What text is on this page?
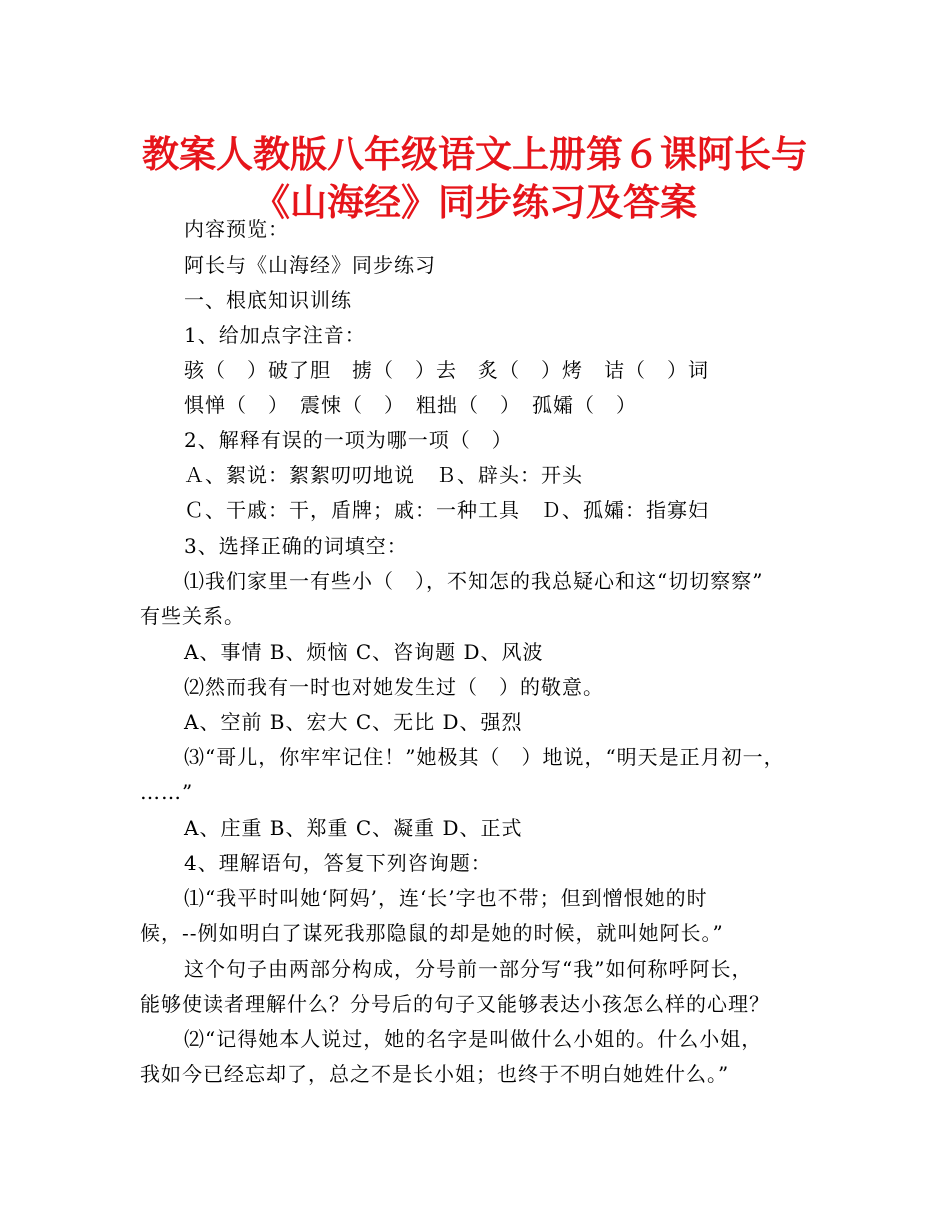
教案人教版八年级语文上册第６课阿长与
《山海经》同步练习及答案
内容预览：
阿长与《山海经》同步练习
一、根底知识训练
1、给加点字注音：
骇（　）破了胆　掳（　）去　炙（　）烤　诘（　）词
惧惮（　）　震悚（　）　粗拙（　）　孤孀（　）
2、解释有误的一项为哪一项（　）
Ａ、絮说：絮絮叨叨地说　Ｂ、辟头：开头
Ｃ、干戚：干，盾牌；戚：一种工具　Ｄ、孤孀：指寡妇
3、选择正确的词填空：
⑴我们家里一有些小（　），不知怎的我总疑心和这“切切察察”
有些关系。
A、事情 B、烦恼 C、咨询题 D、风波
⑵然而我有一时也对她发生过（　）的敬意。
A、空前 B、宏大 C、无比 D、强烈
⑶“哥儿，你牢牢记住！”她极其（　）地说，“明天是正月初一，
……”
A、庄重 B、郑重 C、凝重 D、正式
4、理解语句，答复下列咨询题：
⑴“我平时叫她‘阿妈’，连‘长’字也不带；但到憎恨她的时
候，--例如明白了谋死我那隐鼠的却是她的时候，就叫她阿长。”
这个句子由两部分构成，分号前一部分写“我”如何称呼阿长，
能够使读者理解什么？分号后的句子又能够表达小孩怎么样的心理？
⑵“记得她本人说过，她的名字是叫做什么小姐的。什么小姐，
我如今已经忘却了，总之不是长小姐；也终于不明白她姓什么。”
